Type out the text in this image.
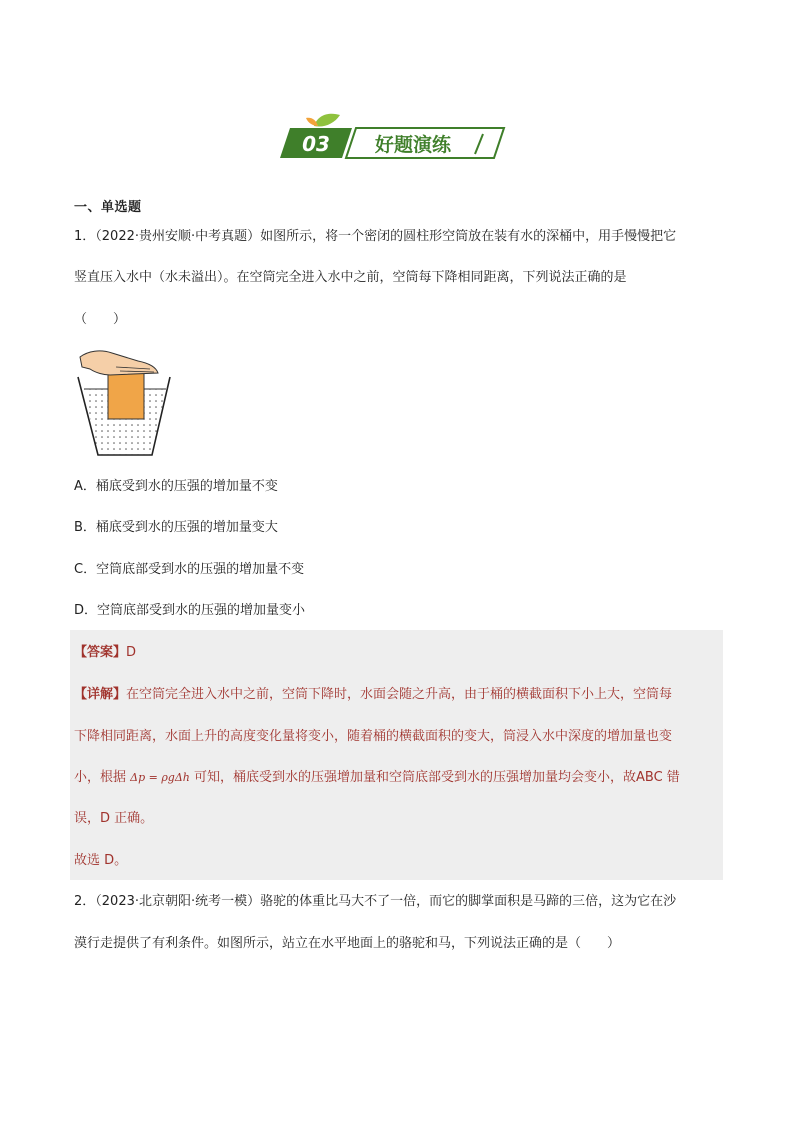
03 好题演练
一、单选题
1．（2022·贵州安顺·中考真题）如图所示，将一个密闭的圆柱形空筒放在装有水的深桶中，用手慢慢把它
竖直压入水中（水未溢出）。在空筒完全进入水中之前，空筒每下降相同距离，下列说法正确的是
（　　）
A．桶底受到水的压强的增加量不变
B．桶底受到水的压强的增加量变大
C．空筒底部受到水的压强的增加量不变
D．空筒底部受到水的压强的增加量变小
【答案】D
【详解】在空筒完全进入水中之前，空筒下降时，水面会随之升高，由于桶的横截面积下小上大，空筒每
下降相同距离，水面上升的高度变化量将变小，随着桶的横截面积的变大，筒浸入水中深度的增加量也变
小，根据 Δp = ρgΔh 可知，桶底受到水的压强增加量和空筒底部受到水的压强增加量均会变小，故ABC 错
误，D 正确。
故选 D。
2．（2023·北京朝阳·统考一模）骆驼的体重比马大不了一倍，而它的脚掌面积是马蹄的三倍，这为它在沙
漠行走提供了有利条件。如图所示，站立在水平地面上的骆驼和马，下列说法正确的是（　　）
